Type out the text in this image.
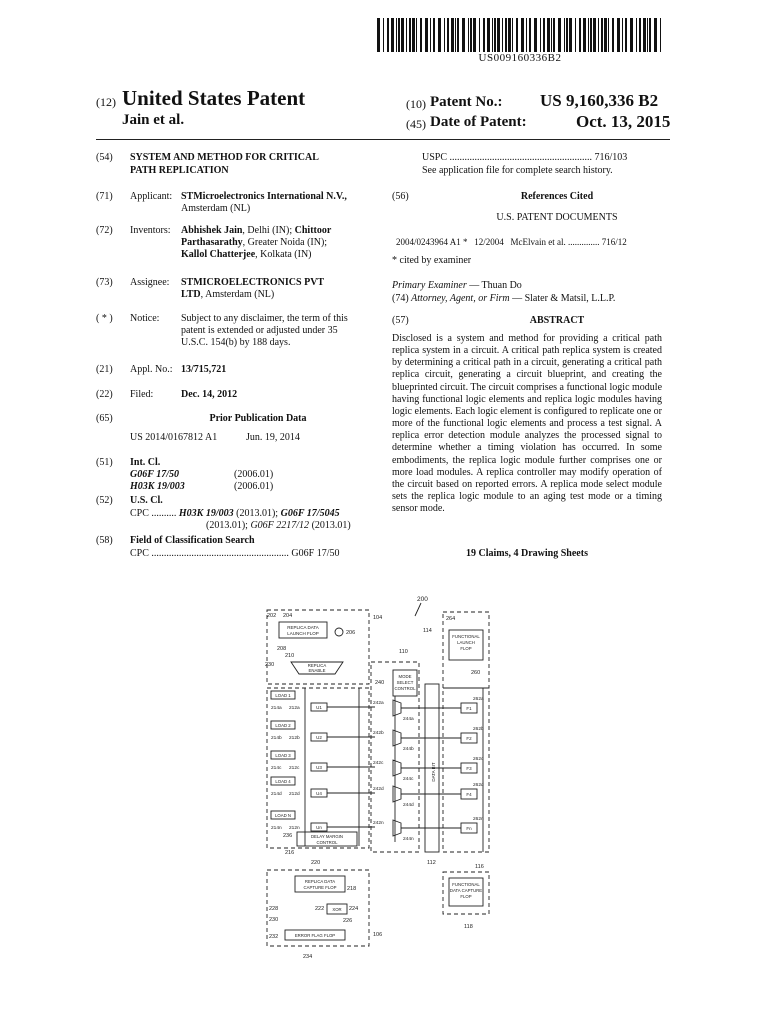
US009160336B2
(12) United States Patent
Jain et al.
(10) Patent No.: US 9,160,336 B2
(45) Date of Patent:	Oct. 13, 2015
(54)	SYSTEM AND METHOD FOR CRITICAL
PATH REPLICATION
(71)	Applicant: STMicroelectronics International N.V.,
Amsterdam (NL)
(72)	Inventors: Abhishek Jain, Delhi (IN); Chittoor
Parthasarathy, Greater Noida (IN);
Kallol Chatterjee, Kolkata (IN)
(73)	Assignee: STMICROELECTRONICS PVT
LTD, Amsterdam (NL)
( * )	Notice: Subject to any disclaimer, the term of this
patent is extended or adjusted under 35
U.S.C. 154(b) by 188 days.
(21)	Appl. No.: 13/715,721
(22)	Filed:	Dec. 14, 2012
(65)	Prior Publication Data
US 2014/0167812 A1	Jun. 19, 2014
(51)	Int. Cl.
G06F 17/50	(2006.01)
H03K 19/003	(2006.01)
(52)	U.S. Cl.
CPC .......... H03K 19/003 (2013.01); G06F 17/5045
(2013.01); G06F 2217/12 (2013.01)
(58)	Field of Classification Search
CPC ....................................................... G06F 17/50
USPC ......................................................... 716/103
See application file for complete search history.
(56)	References Cited
U.S. PATENT DOCUMENTS
2004/0243964 A1 *   12/2004   McElvain et al. .............. 716/12
* cited by examiner
Primary Examiner — Thuan Do
(74) Attorney, Agent, or Firm — Slater & Matsil, L.L.P.
(57)	ABSTRACT
Disclosed is a system and method for providing a critical path replica system in a circuit. A critical path replica system is created by determining a critical path in a circuit, generating a critical path replica circuit, generating a circuit blueprint, and creating the blueprinted circuit. The circuit comprises a functional logic module having functional logic elements and replica logic modules having logic elements. Each logic element is configured to replicate one or more of the functional logic elements and process a test signal. A replica error detection module analyzes the processed signal to determine whether a timing violation has occurred. In some embodiments, the replica logic module further comprises one or more load modules. A replica controller may modify operation of the circuit based on reported errors. A replica mode select module sets the replica logic module to an aging test mode or a timing sensor mode.
19 Claims, 4 Drawing Sheets
200
202 204	104
REPLICA DATA
LAUNCH FLOP	206
208
210
230	REPLICA
ENABLE
114
264
FUNCTIONAL
LAUNCH
FLOP
260
110
240
MODE
SELECT
CONTROL
DATA BIT
LOAD 1
214a 212a	U1
242a
244a
F1
262a
LOAD 2
214b 212b	U2
242b
244b
F2
262b
LOAD 3
214c 212c	U3
242c
244c
F3
262c
LOAD 4
214d 212d	U4
242d
244d
F4
262d
LOAD N
214n 212n	Un
242n
244n
Fn
262n
236	DELAY MARGIN
CONTROL
216
220	112
116
REPLICA DATA
CAPTURE FLOP 218
228
230
222 XOR 224
226
232	ERROR FLAG FLOP	106
234
FUNCTIONAL
DATA CAPTURE
FLOP
118
